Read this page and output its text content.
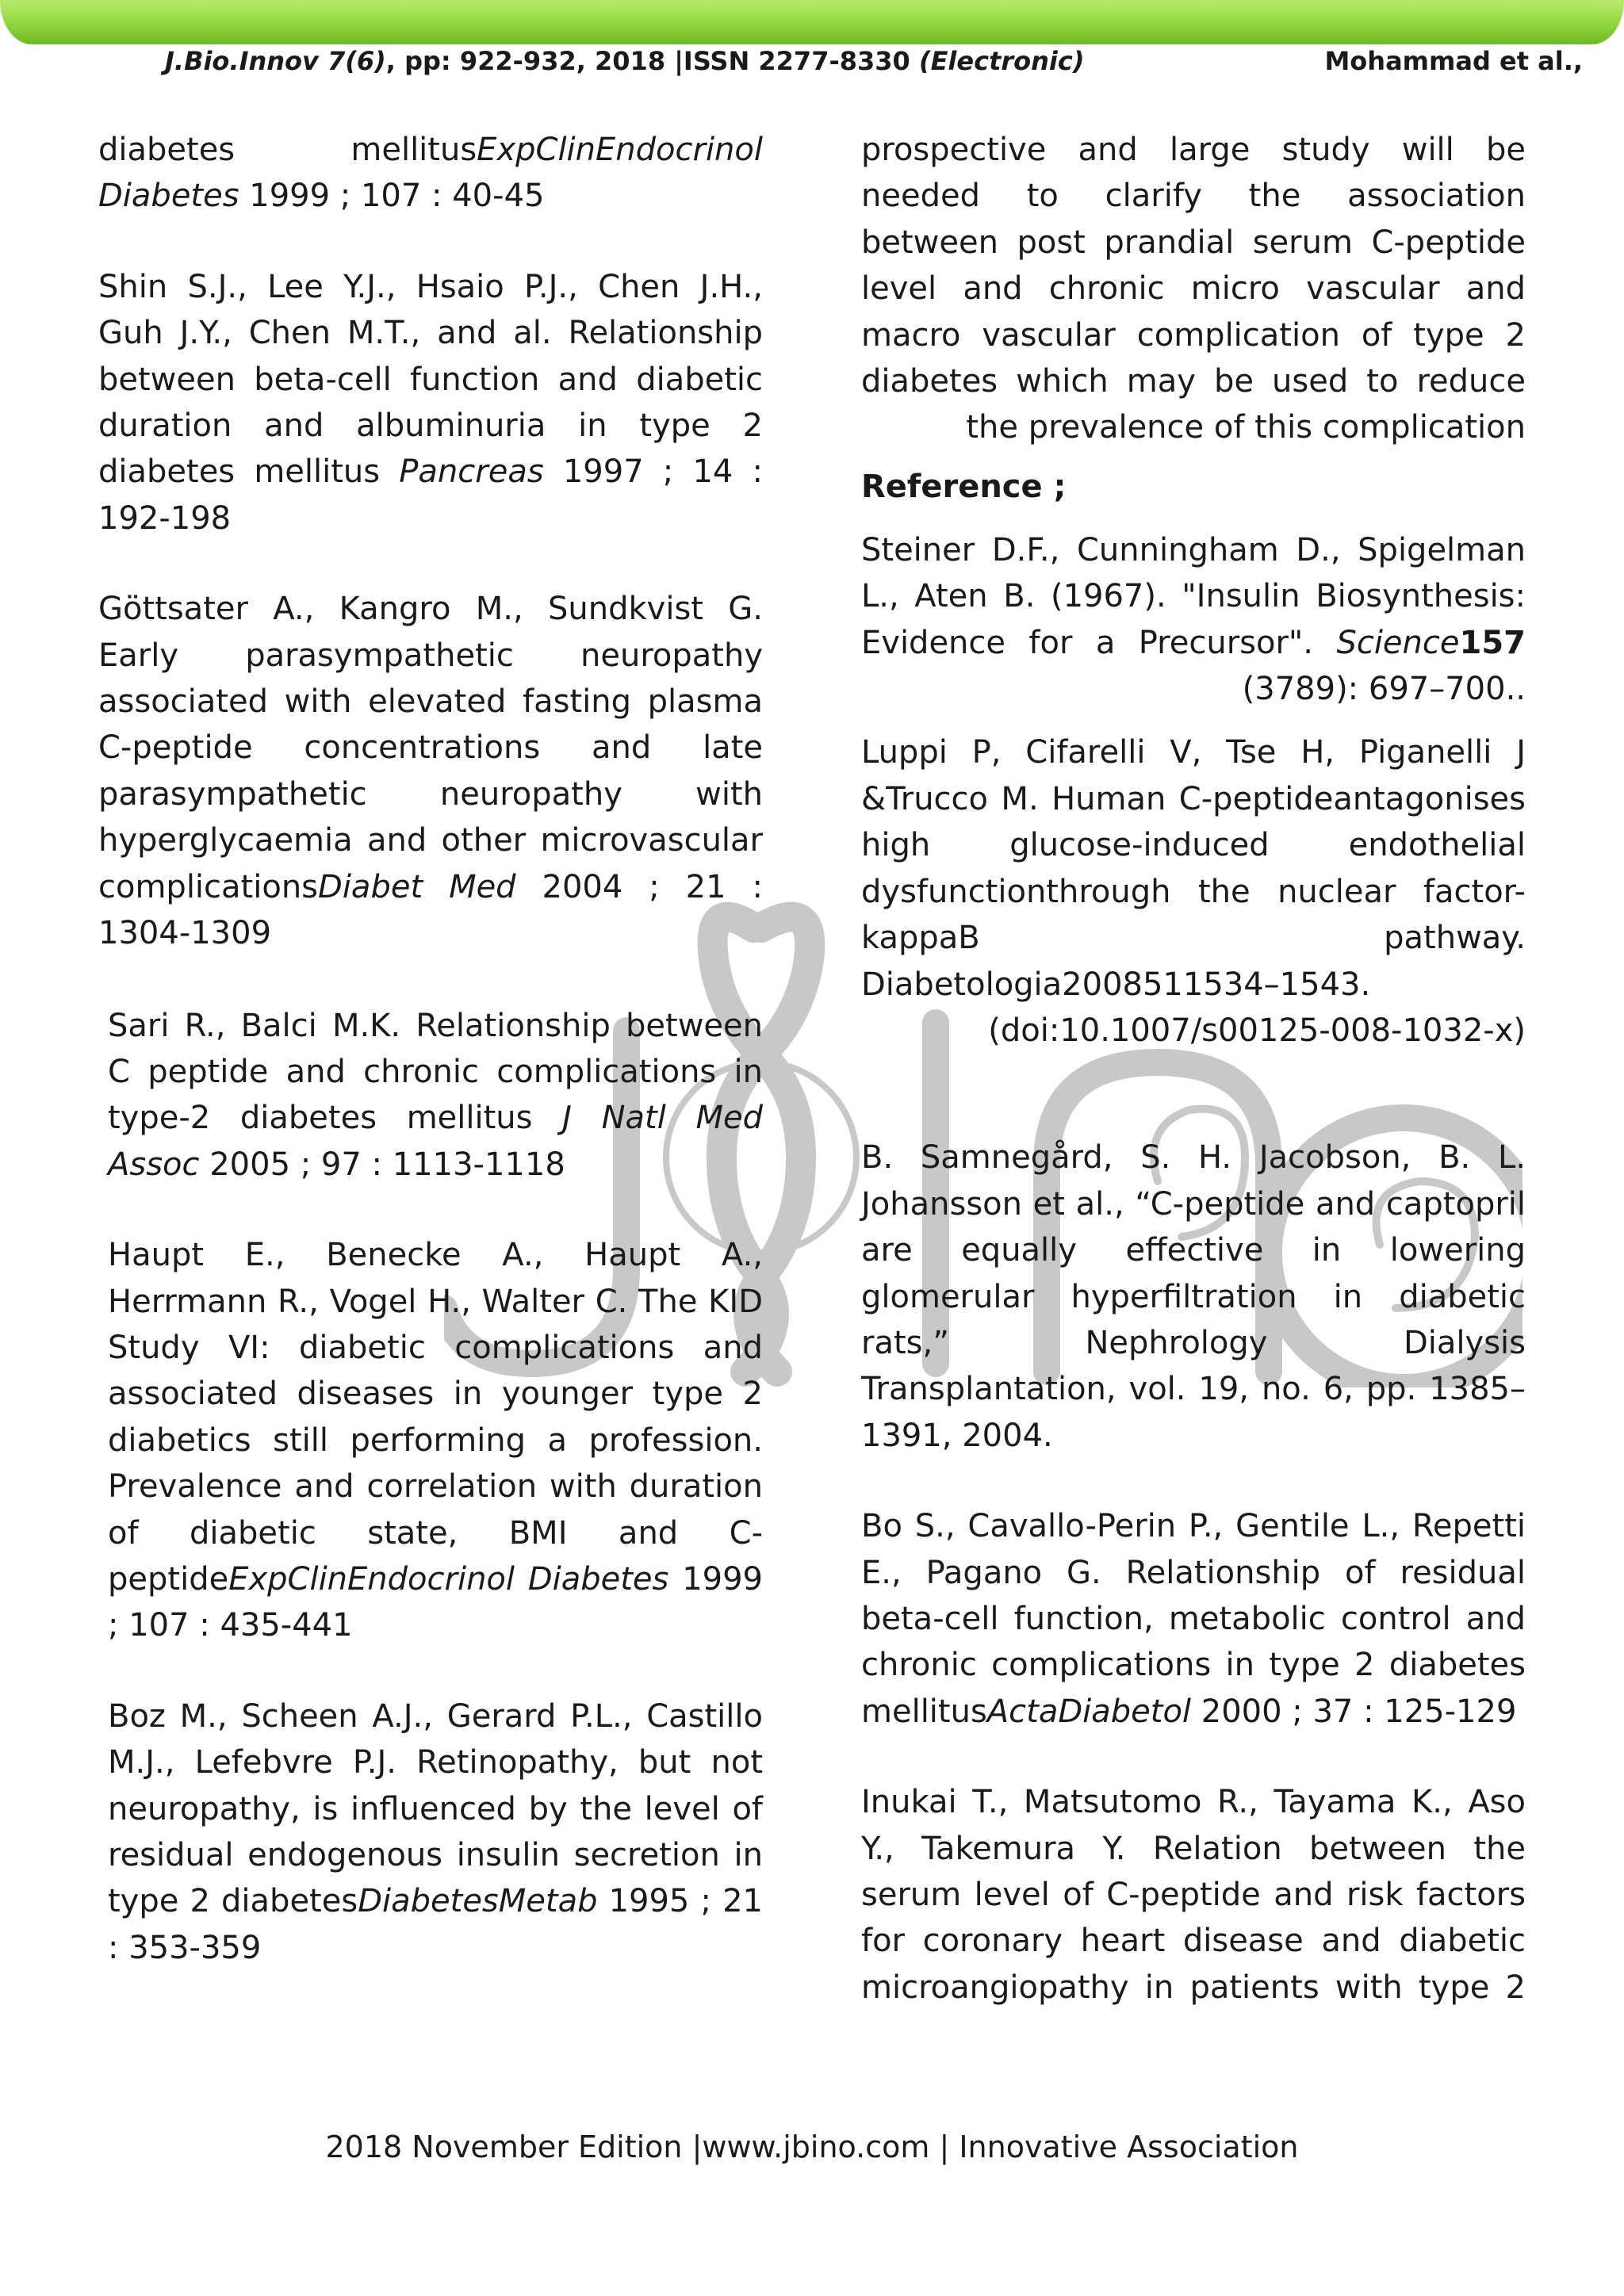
J.Bio.Innov 7(6), pp: 922-932, 2018 |ISSN 2277-8330 (Electronic)	Mohammad et al.,

diabetes mellitusExpClinEndocrinol Diabetes 1999 ; 107 : 40-45

Shin S.J., Lee Y.J., Hsaio P.J., Chen J.H., Guh J.Y., Chen M.T., and al. Relationship between beta-cell function and diabetic duration and albuminuria in type 2 diabetes mellitus Pancreas 1997 ; 14 : 192-198

Göttsater A., Kangro M., Sundkvist G. Early parasympathetic neuropathy associated with elevated fasting plasma C-peptide concentrations and late parasympathetic neuropathy with hyperglycaemia and other microvascular complicationsDiabet Med 2004 ; 21 : 1304-1309

Sari R., Balci M.K. Relationship between C peptide and chronic complications in type-2 diabetes mellitus J Natl Med Assoc 2005 ; 97 : 1113-1118

Haupt E., Benecke A., Haupt A., Herrmann R., Vogel H., Walter C. The KID Study VI: diabetic complications and associated diseases in younger type 2 diabetics still performing a profession. Prevalence and correlation with duration of diabetic state, BMI and C-peptideExpClinEndocrinol Diabetes 1999 ; 107 : 435-441

Boz M., Scheen A.J., Gerard P.L., Castillo M.J., Lefebvre P.J. Retinopathy, but not neuropathy, is influenced by the level of residual endogenous insulin secretion in type 2 diabetesDiabetesMetab 1995 ; 21 : 353-359

prospective and large study will be needed to clarify the association between post prandial serum C-peptide level and chronic micro vascular and macro vascular complication of type 2 diabetes which may be used to reduce the prevalence of this complication

Reference ;

Steiner D.F., Cunningham D., Spigelman L., Aten B. (1967). "Insulin Biosynthesis: Evidence for a Precursor". Science157 (3789): 697–700..

Luppi P, Cifarelli V, Tse H, Piganelli J &Trucco M. Human C-peptideantagonises high glucose-induced endothelial dysfunctionthrough the nuclear factor-kappaB pathway. Diabetologia2008511534–1543. (doi:10.1007/s00125-008-1032-x)

B. Samnegård, S. H. Jacobson, B. L. Johansson et al., “C-peptide and captopril are equally effective in lowering glomerular hyperfiltration in diabetic rats,” Nephrology Dialysis Transplantation, vol. 19, no. 6, pp. 1385–1391, 2004.

Bo S., Cavallo-Perin P., Gentile L., Repetti E., Pagano G. Relationship of residual beta-cell function, metabolic control and chronic complications in type 2 diabetes mellitusActaDiabetol 2000 ; 37 : 125-129

Inukai T., Matsutomo R., Tayama K., Aso Y., Takemura Y. Relation between the serum level of C-peptide and risk factors for coronary heart disease and diabetic microangiopathy in patients with type 2

2018 November Edition |www.jbino.com | Innovative Association
